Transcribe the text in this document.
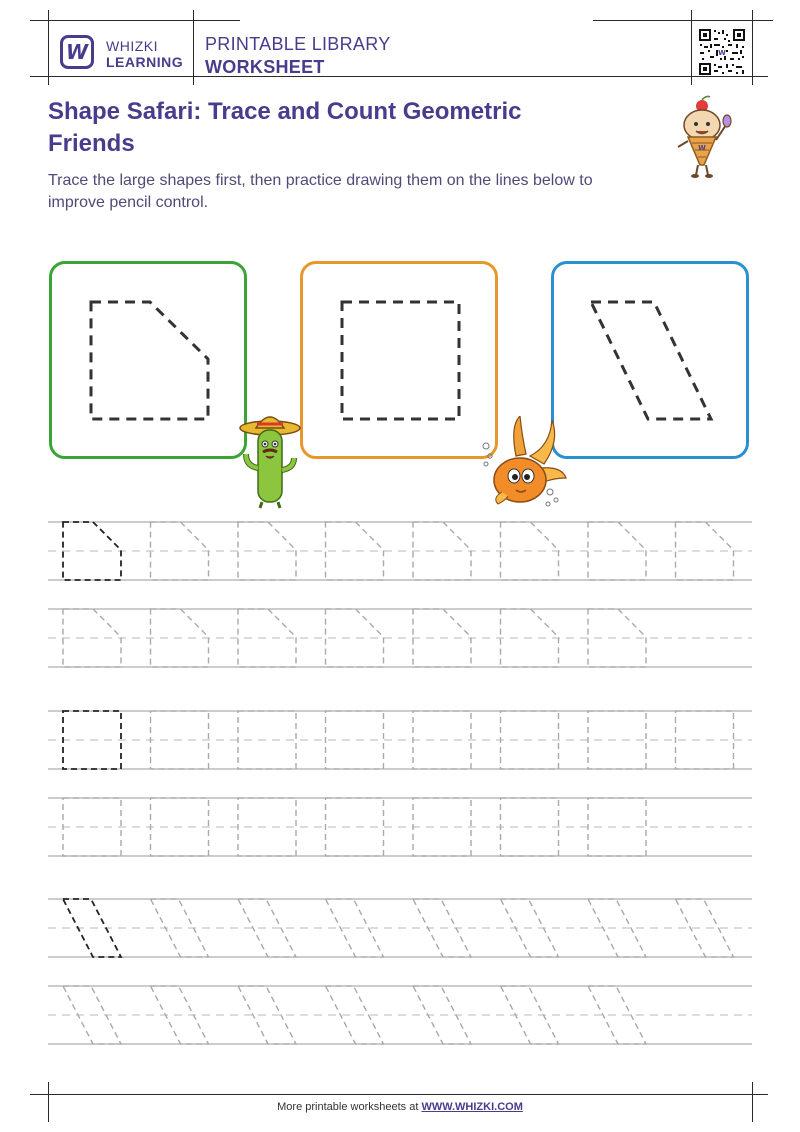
W WHIZKI
LEARNING
PRINTABLE LIBRARY
WORKSHEET
W
Shape Safari: Trace and Count Geometric Friends

Trace the large shapes first, then practice drawing them on the lines below to improve pencil control.

W
More printable worksheets at WWW.WHIZKI.COM
